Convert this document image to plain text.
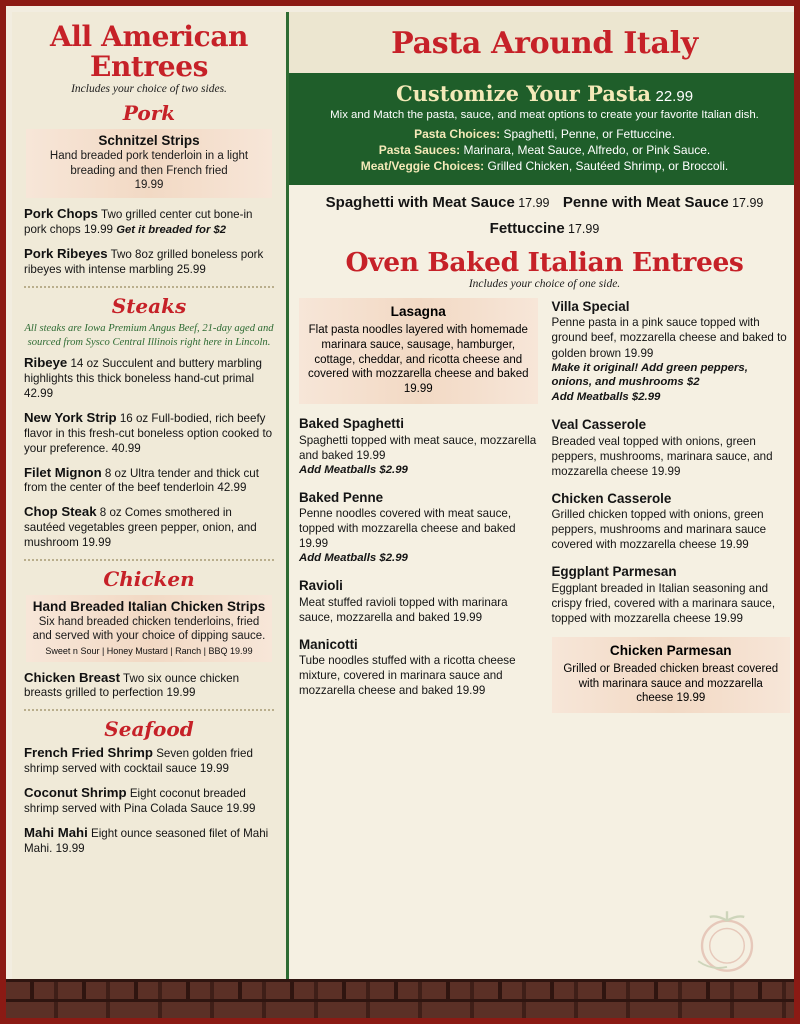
All American Entrees
Includes your choice of two sides.
Pork
Schnitzel Strips
Hand breaded pork tenderloin in a light breading and then French fried
19.99
Pork Chops Two grilled center cut bone-in pork chops 19.99 Get it breaded for $2
Pork Ribeyes Two 8oz grilled boneless pork ribeyes with intense marbling 25.99
Steaks
All steaks are Iowa Premium Angus Beef, 21-day aged and sourced from Sysco Central Illinois right here in Lincoln.
Ribeye 14 oz Succulent and buttery marbling highlights this thick boneless hand-cut primal 42.99
New York Strip 16 oz Full-bodied, rich beefy flavor in this fresh-cut boneless option cooked to your preference. 40.99
Filet Mignon 8 oz Ultra tender and thick cut from the center of the beef tenderloin 42.99
Chop Steak 8 oz Comes smothered in sautéed vegetables green pepper, onion, and mushroom 19.99
Chicken
Hand Breaded Italian Chicken Strips
Six hand breaded chicken tenderloins, fried and served with your choice of dipping sauce.
Sweet n Sour | Honey Mustard | Ranch | BBQ 19.99
Chicken Breast Two six ounce chicken breasts grilled to perfection 19.99
Seafood
French Fried Shrimp Seven golden fried shrimp served with cocktail sauce 19.99
Coconut Shrimp Eight coconut breaded shrimp served with Pina Colada Sauce 19.99
Mahi Mahi Eight ounce seasoned filet of Mahi Mahi. 19.99
Pasta Around Italy
Customize Your Pasta 22.99
Mix and Match the pasta, sauce, and meat options to create your favorite Italian dish.
Pasta Choices: Spaghetti, Penne, or Fettuccine.
Pasta Sauces: Marinara, Meat Sauce, Alfredo, or Pink Sauce.
Meat/Veggie Choices: Grilled Chicken, Sautéed Shrimp, or Broccoli.
Spaghetti with Meat Sauce 17.99 Penne with Meat Sauce 17.99
Fettuccine 17.99
Oven Baked Italian Entrees
Includes your choice of one side.
Lasagna
Flat pasta noodles layered with homemade marinara sauce, sausage, hamburger, cottage, cheddar, and ricotta cheese and covered with mozzarella cheese and baked 19.99
Baked Spaghetti
Spaghetti topped with meat sauce, mozzarella and baked 19.99
Add Meatballs $2.99
Baked Penne
Penne noodles covered with meat sauce, topped with mozzarella cheese and baked 19.99
Add Meatballs $2.99
Ravioli
Meat stuffed ravioli topped with marinara sauce, mozzarella and baked 19.99
Manicotti
Tube noodles stuffed with a ricotta cheese mixture, covered in marinara sauce and mozzarella cheese and baked 19.99
Villa Special
Penne pasta in a pink sauce topped with ground beef, mozzarella cheese and baked to golden brown 19.99
Make it original! Add green peppers, onions, and mushrooms $2
Add Meatballs $2.99
Veal Casserole
Breaded veal topped with onions, green peppers, mushrooms, marinara sauce, and mozzarella cheese 19.99
Chicken Casserole
Grilled chicken topped with onions, green peppers, mushrooms and marinara sauce covered with mozzarella cheese 19.99
Eggplant Parmesan
Eggplant breaded in Italian seasoning and crispy fried, covered with a marinara sauce, topped with mozzarella cheese 19.99
Chicken Parmesan
Grilled or Breaded chicken breast covered with marinara sauce and mozzarella cheese 19.99
